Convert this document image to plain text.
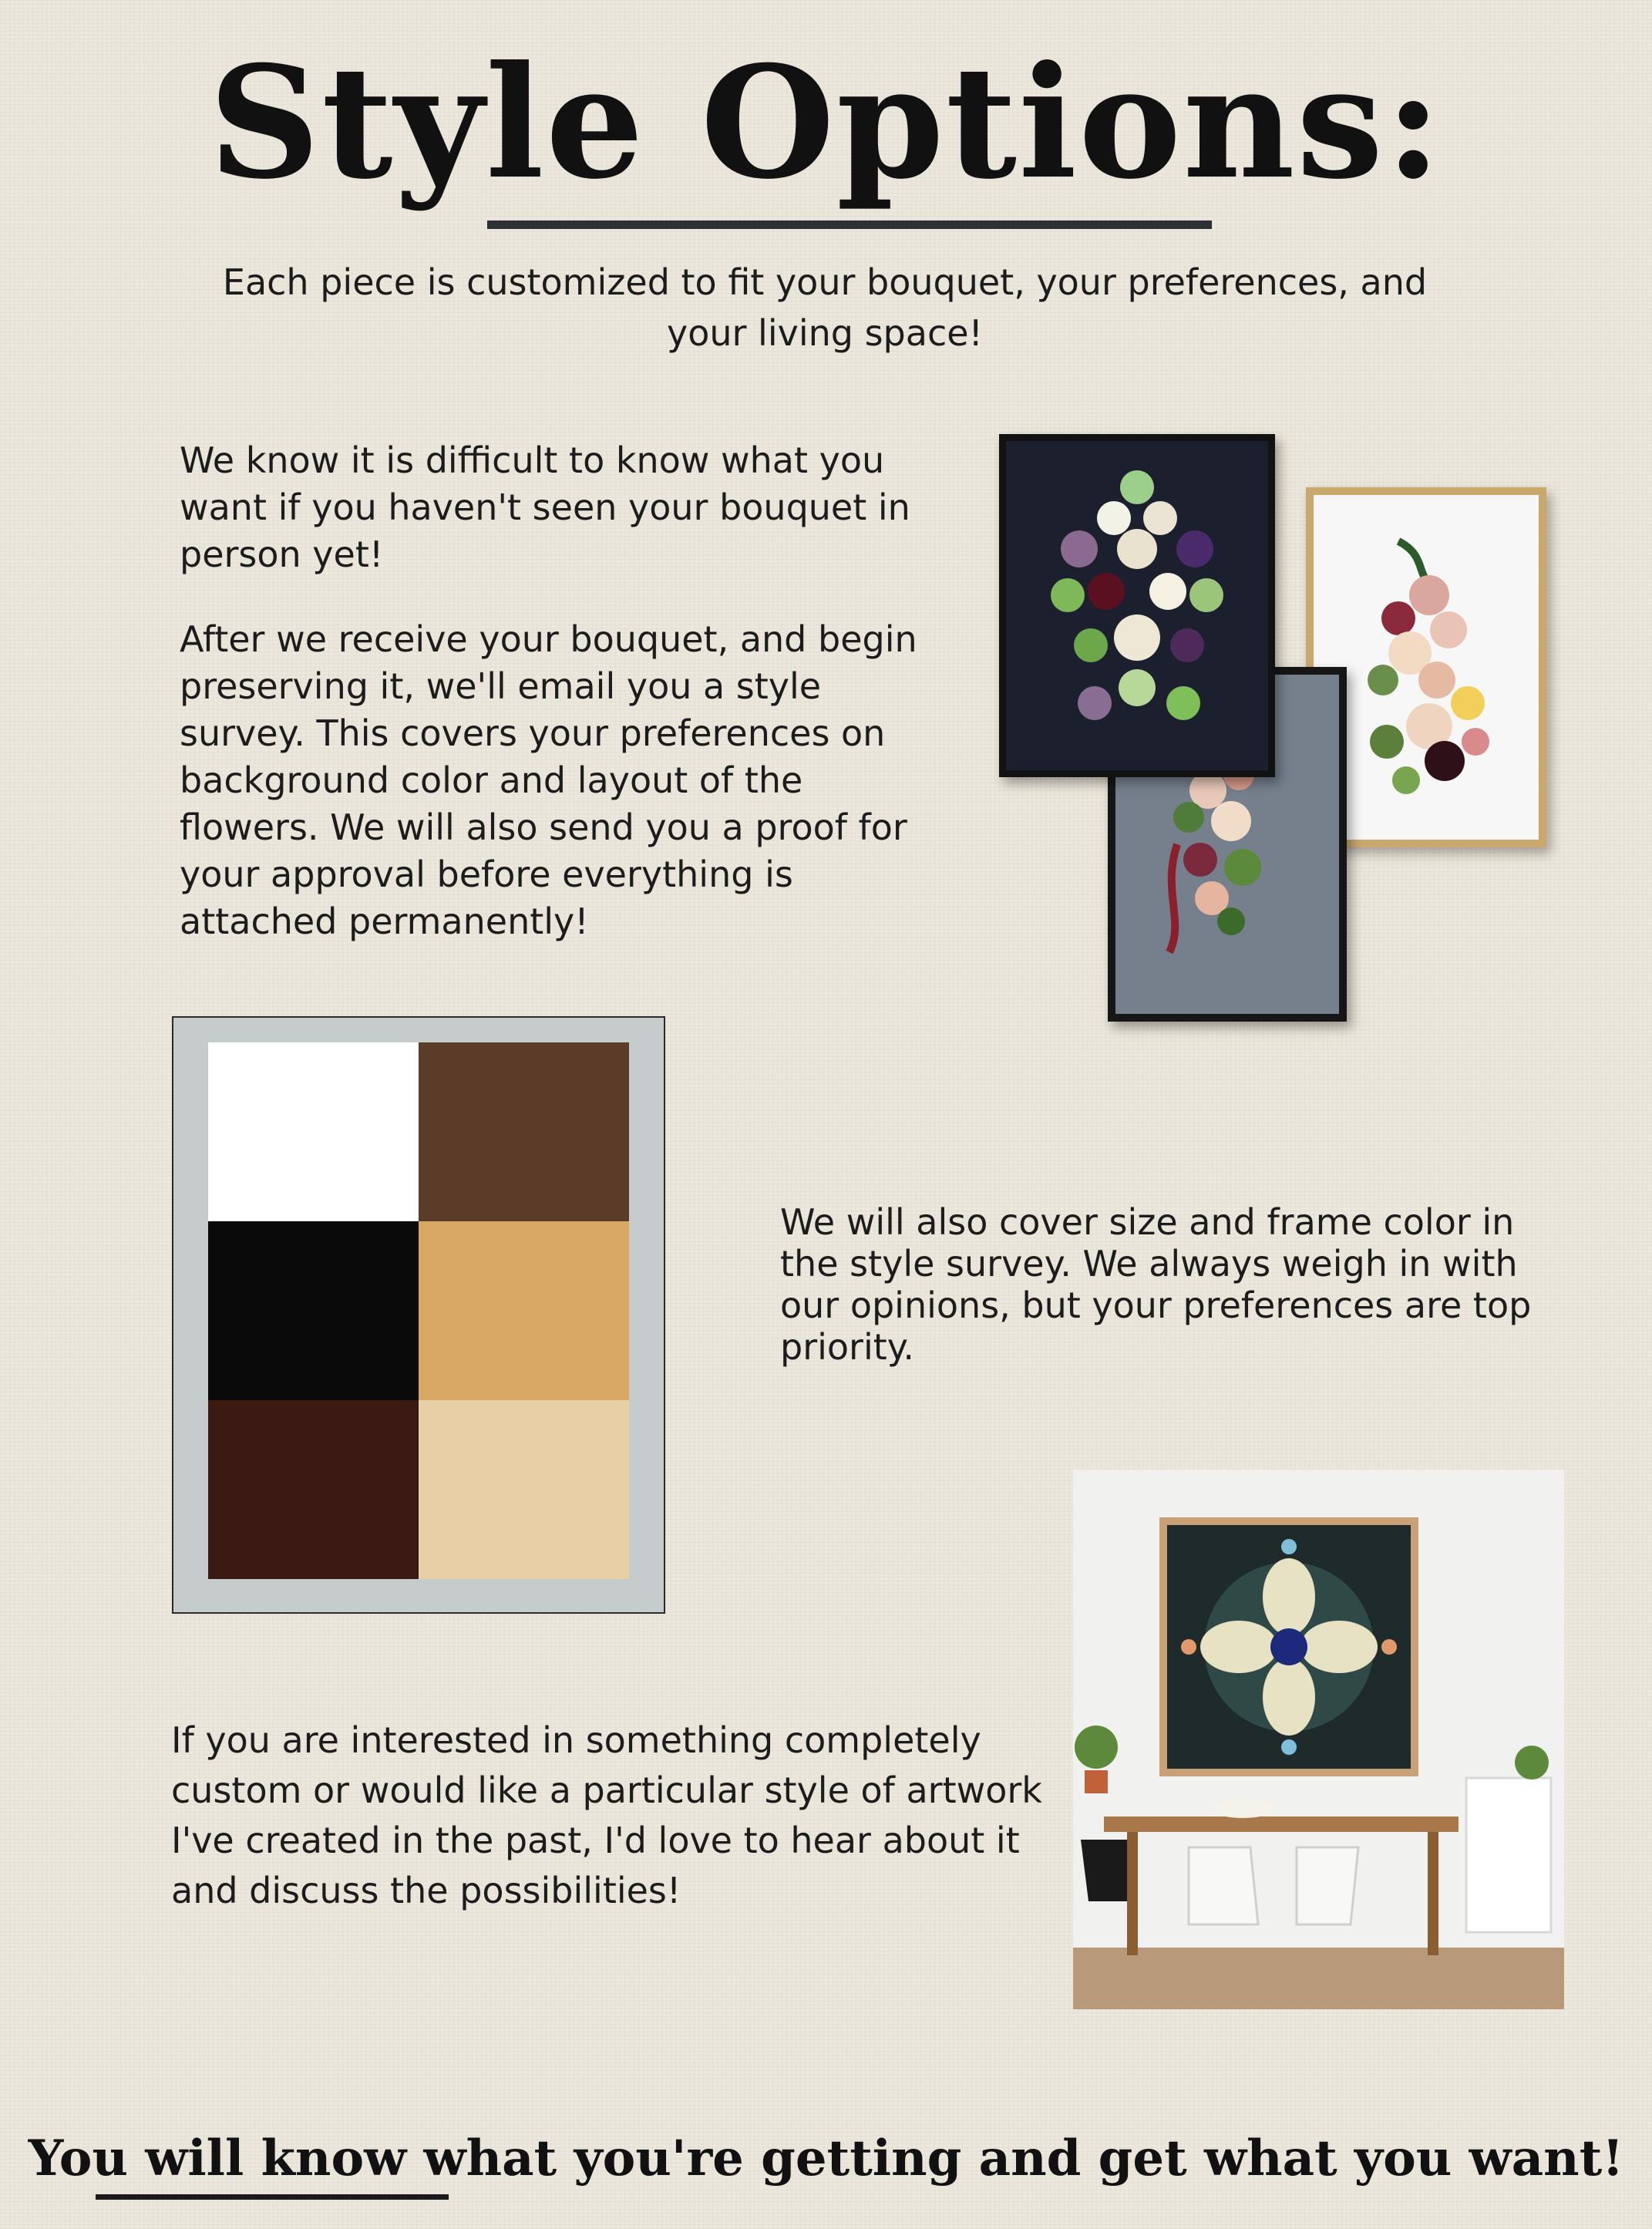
Style Options:

Each piece is customized to fit your bouquet, your preferences, and your living space!

We know it is difficult to know what you want if you haven't seen your bouquet in person yet!

After we receive your bouquet, and begin preserving it, we'll email you a style survey. This covers your preferences on background color and layout of the flowers. We will also send you a proof for your approval before everything is attached permanently!

We will also cover size and frame color in the style survey. We always weigh in with our opinions, but your preferences are top priority.

If you are interested in something completely custom or would like a particular style of artwork I've created in the past, I'd love to hear about it and discuss the possibilities!

You will know what you're getting and get what you want!
